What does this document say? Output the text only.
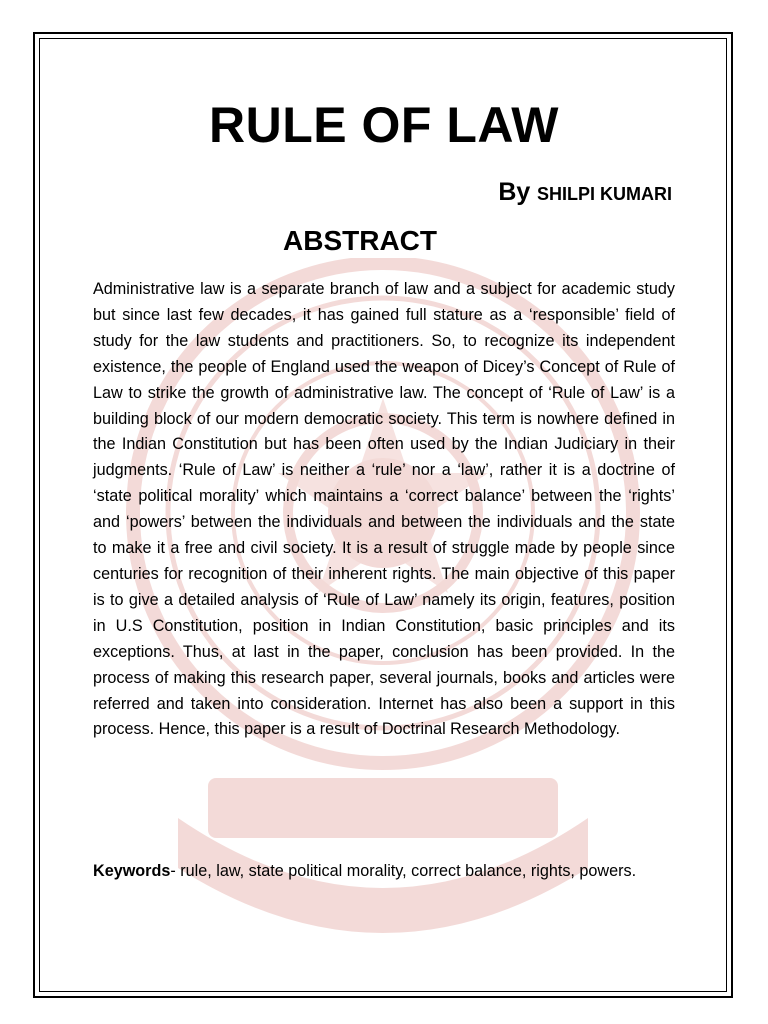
RULE OF LAW
By SHILPI KUMARI
ABSTRACT

Administrative law is a separate branch of law and a subject for academic study but since last few decades, it has gained full stature as a ‘responsible’ field of study for the law students and practitioners. So, to recognize its independent existence, the people of England used the weapon of Dicey’s Concept of Rule of Law to strike the growth of administrative law. The concept of ‘Rule of Law’ is a building block of our modern democratic society. This term is nowhere defined in the Indian Constitution but has been often used by the Indian Judiciary in their judgments. ‘Rule of Law’ is neither a ‘rule’ nor a ‘law’, rather it is a doctrine of ‘state political morality’ which maintains a ‘correct balance’ between the ‘rights’ and ‘powers’ between the individuals and between the individuals and the state to make it a free and civil society. It is a result of struggle made by people since centuries for recognition of their inherent rights. The main objective of this paper is to give a detailed analysis of ‘Rule of Law’ namely its origin, features, position in U.S Constitution, position in Indian Constitution, basic principles and its exceptions. Thus, at last in the paper, conclusion has been provided. In the process of making this research paper, several journals, books and articles were referred and taken into consideration. Internet has also been a support in this process. Hence, this paper is a result of Doctrinal Research Methodology.

Keywords- rule, law, state political morality, correct balance, rights, powers.
